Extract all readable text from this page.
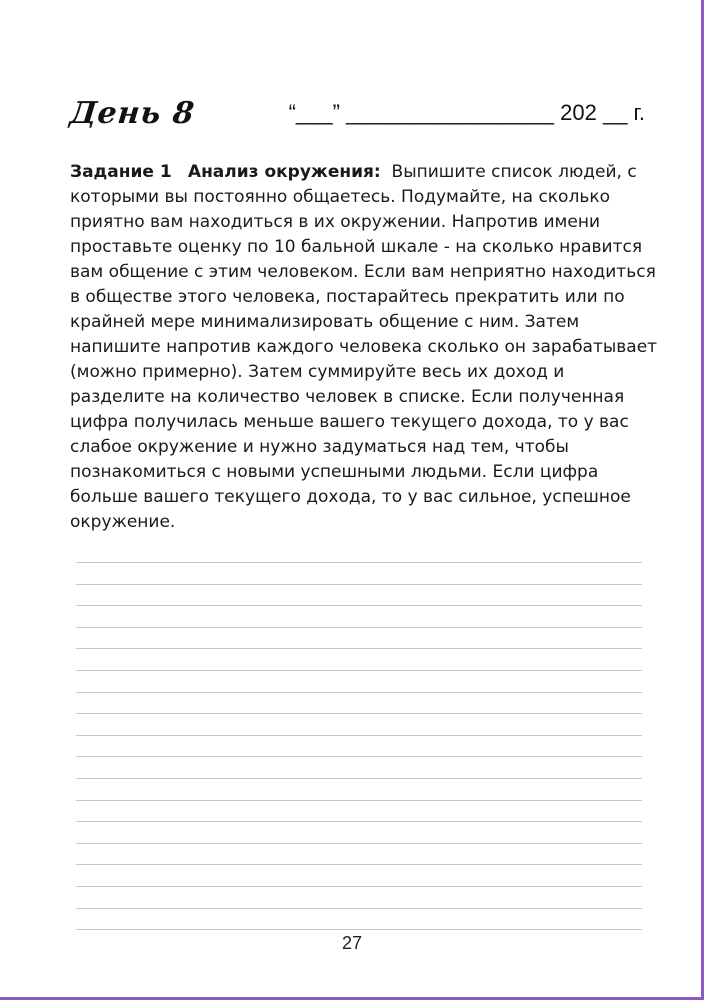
День 8	“___” _________________ 202 __ г.

Задание 1 Анализ окружения: Выпишите список людей, с которыми вы постоянно общаетесь. Подумайте, на сколько приятно вам находиться в их окружении. Напротив имени проставьте оценку по 10 бальной шкале - на сколько нравится вам общение с этим человеком. Если вам неприятно находиться в обществе этого человека, постарайтесь прекратить или по крайней мере минимализировать общение с ним. Затем напишите напротив каждого человека сколько он зарабатывает (можно примерно). Затем суммируйте весь их доход и разделите на количество человек в списке. Если полученная цифра получилась меньше вашего текущего дохода, то у вас слабое окружение и нужно задуматься над тем, чтобы познакомиться с новыми успешными людьми. Если цифра больше вашего текущего дохода, то у вас сильное, успешное окружение.

27
